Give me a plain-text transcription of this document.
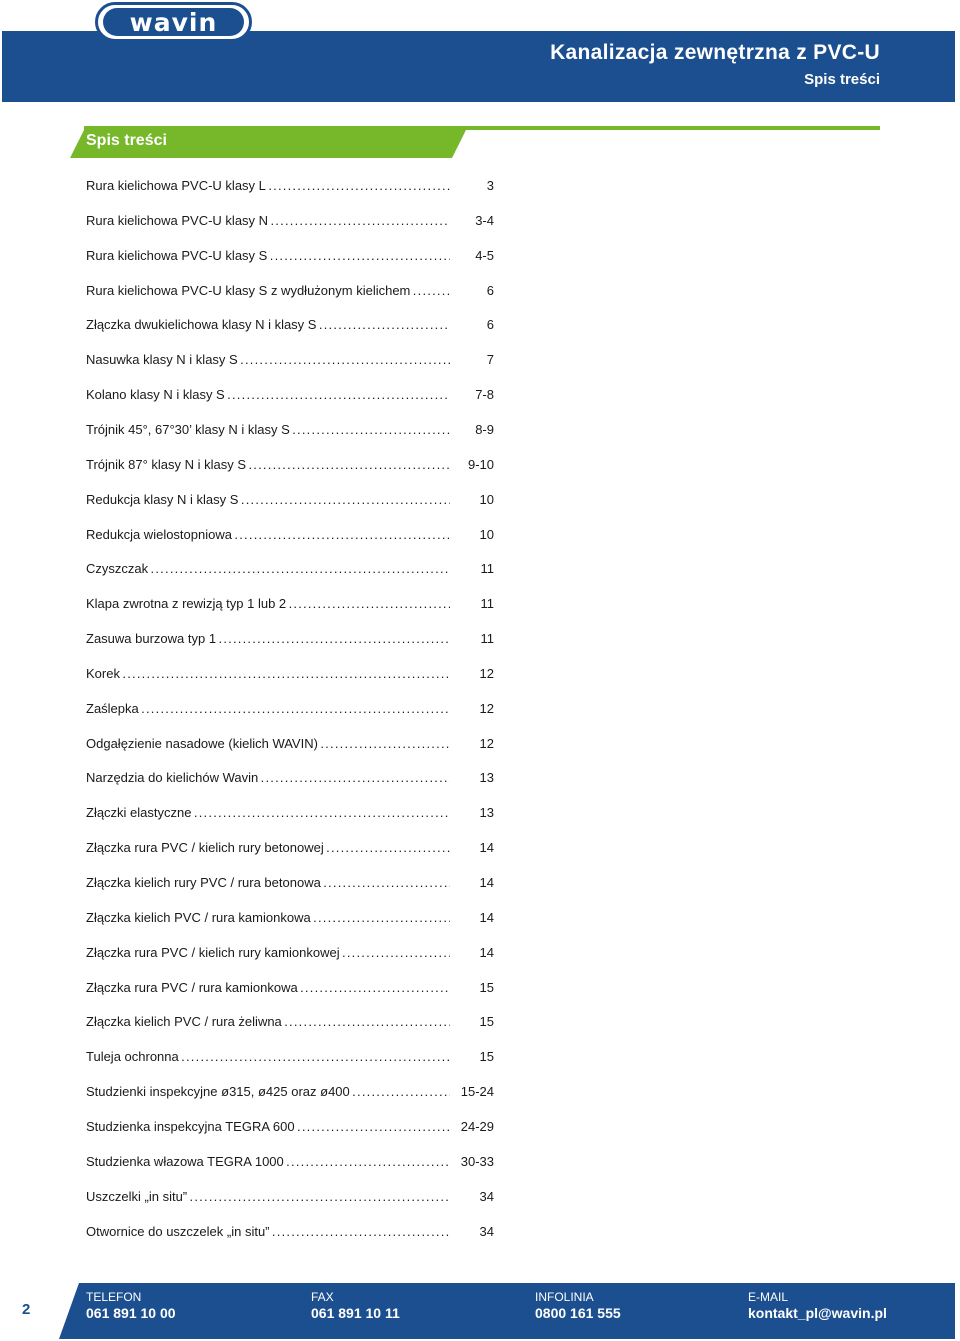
wavin
Kanalizacja zewnętrzna z PVC-U
Spis treści
Spis treści
Rura kielichowa PVC-U klasy L . . .	3
Rura kielichowa PVC-U klasy N . . .	3-4
Rura kielichowa PVC-U klasy S . . .	4-5
Rura kielichowa PVC-U klasy S z wydłużonym kielichem . . .	6
Złączka dwukielichowa klasy N i klasy S . . .	6
Nasuwka klasy N i klasy S . . .	7
Kolano klasy N i klasy S . . .	7-8
Trójnik 45°, 67°30’ klasy N i klasy S . . .	8-9
Trójnik 87° klasy N i klasy S . . .	9-10
Redukcja klasy N i klasy S . . .	10
Redukcja wielostopniowa . . .	10
Czyszczak . . .	11
Klapa zwrotna z rewizją typ 1 lub 2 . . .	11
Zasuwa burzowa typ 1 . . .	11
Korek . . .	12
Zaślepka . . .	12
Odgałęzienie nasadowe (kielich WAVIN) . . .	12
Narzędzia do kielichów Wavin . . .	13
Złączki elastyczne . . .	13
Złączka rura PVC / kielich rury betonowej . . .	14
Złączka kielich rury PVC / rura betonowa . . .	14
Złączka kielich PVC / rura kamionkowa . . .	14
Złączka rura PVC / kielich rury kamionkowej . . .	14
Złączka rura PVC / rura kamionkowa . . .	15
Złączka kielich PVC / rura żeliwna . . .	15
Tuleja ochronna . . .	15
Studzienki inspekcyjne ø315, ø425 oraz ø400 . . .	15-24
Studzienka inspekcyjna TEGRA 600 . . .	24-29
Studzienka włazowa TEGRA 1000 . . .	30-33
Uszczelki „in situ” . . .	34
Otwornice do uszczelek „in situ” . . .	34
2
TELEFON
061 891 10 00
FAX
061 891 10 11
INFOLINIA
0800 161 555
E-MAIL
kontakt_pl@wavin.pl
